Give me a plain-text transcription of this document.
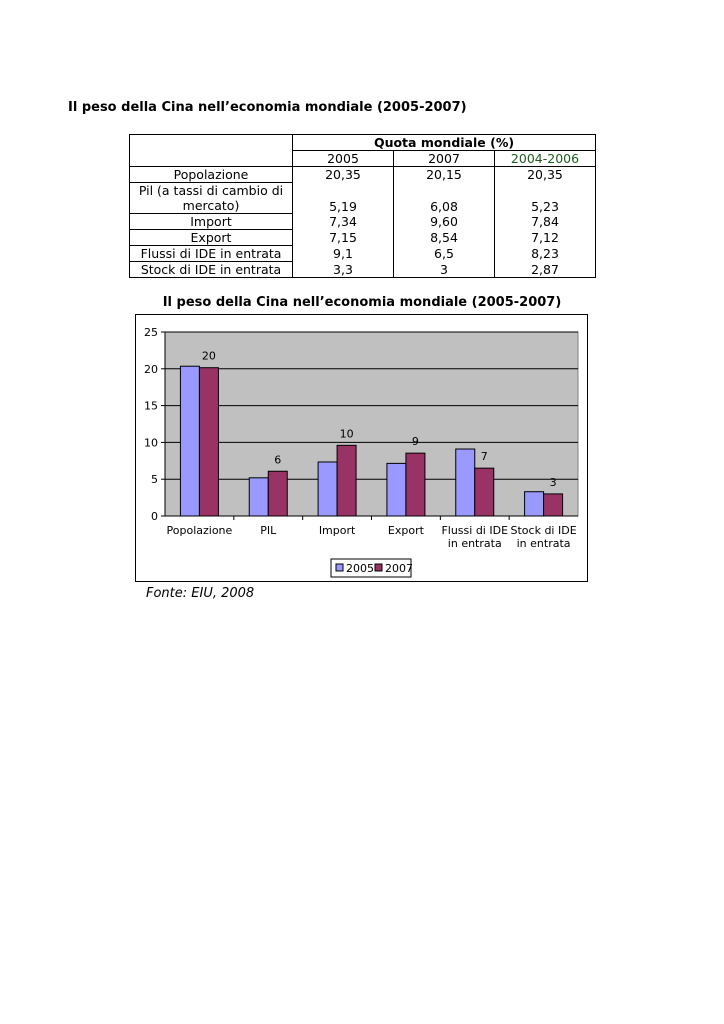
Il peso della Cina nell’economia mondiale (2005-2007)
	Quota mondiale (%)		
	2005	2007	2004-2006
Popolazione	20,35	20,15	20,35
Pil (a tassi di cambio di
mercato)	5,19	6,08	5,23
Import	7,34	9,60	7,84
Export	7,15	8,54	7,12
Flussi di IDE in entrata	9,1	6,5	8,23
Stock di IDE in entrata	3,3	3	2,87
Il peso della Cina nell’economia mondiale (2005-2007)
0
5
10
15
20
25
20
Popolazione
6
PIL
10
Import
9
Export
7
Flussi di IDE
in entrata
3
Stock di IDE
in entrata
2005 2007
Fonte: EIU, 2008
